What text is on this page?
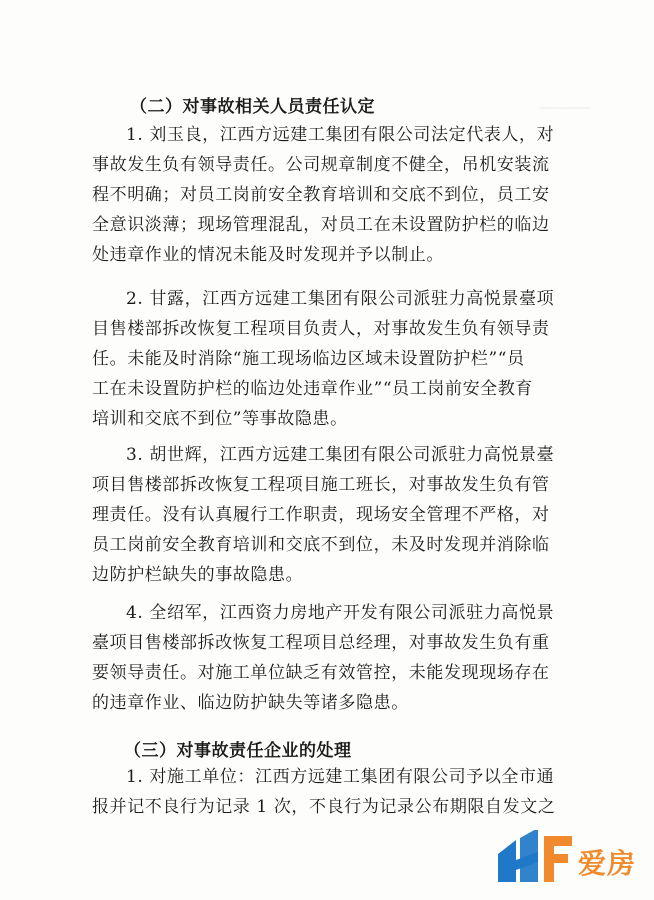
▁▁▁▁▁
（二）对事故相关人员责任认定
1. 刘玉良，江西方远建工集团有限公司法定代表人，对
事故发生负有领导责任。公司规章制度不健全，吊机安装流
程不明确；对员工岗前安全教育培训和交底不到位，员工安
全意识淡薄；现场管理混乱，对员工在未设置防护栏的临边
处违章作业的情况未能及时发现并予以制止。
2. 甘露，江西方远建工集团有限公司派驻力高悦景臺项
目售楼部拆改恢复工程项目负责人，对事故发生负有领导责
任。未能及时消除“施工现场临边区域未设置防护栏”“员
工在未设置防护栏的临边处违章作业”“员工岗前安全教育
培训和交底不到位”等事故隐患。
3. 胡世辉，江西方远建工集团有限公司派驻力高悦景臺
项目售楼部拆改恢复工程项目施工班长，对事故发生负有管
理责任。没有认真履行工作职责，现场安全管理不严格，对
员工岗前安全教育培训和交底不到位，未及时发现并消除临
边防护栏缺失的事故隐患。
4. 全绍军，江西资力房地产开发有限公司派驻力高悦景
臺项目售楼部拆改恢复工程项目总经理，对事故发生负有重
要领导责任。对施工单位缺乏有效管控，未能发现现场存在
的违章作业、临边防护缺失等诸多隐患。
（三）对事故责任企业的处理
1. 对施工单位：江西方远建工集团有限公司予以全市通
报并记不良行为记录 1 次，不良行为记录公布期限自发文之
爱房
